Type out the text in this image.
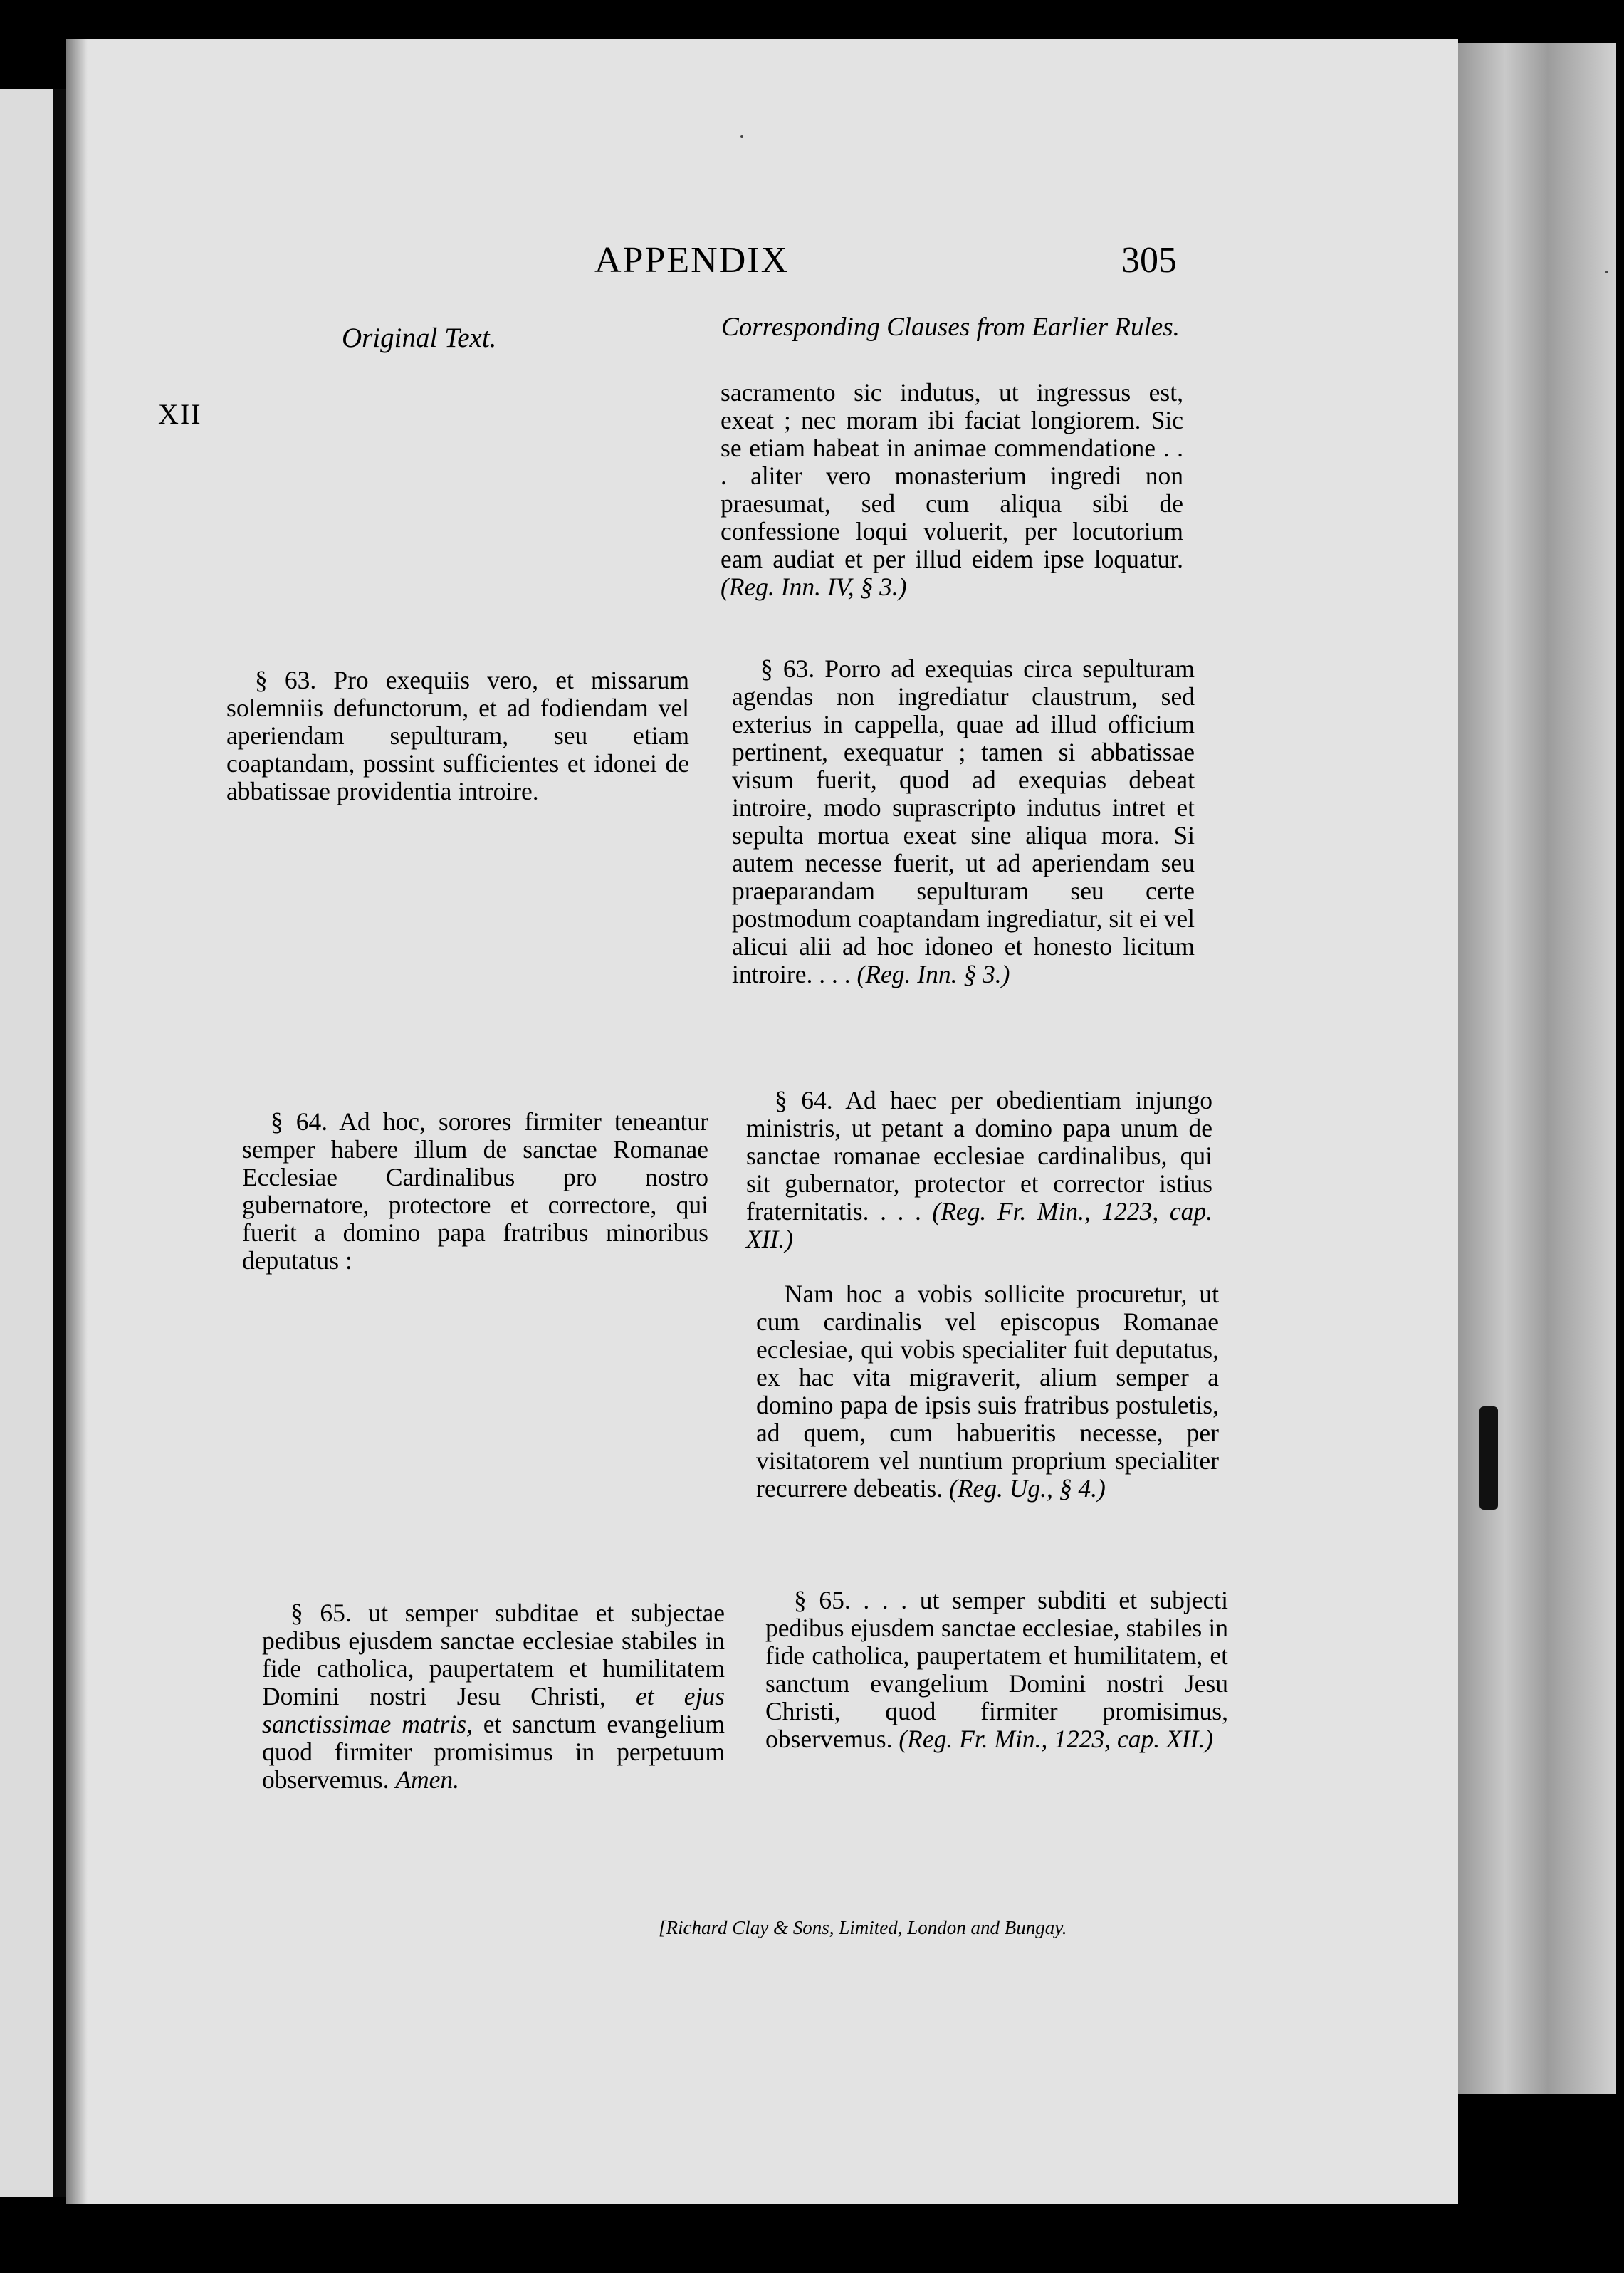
APPENDIX	305
Original Text.	Corresponding Clauses from Earlier Rules.
XII
sacramento sic indutus, ut ingressus est, exeat ; nec moram ibi faciat longiorem. Sic se etiam habeat in animae commendatione . . . aliter vero monasterium ingredi non praesumat, sed cum aliqua sibi de confessione loqui voluerit, per locutorium eam audiat et per illud eidem ipse loquatur. (Reg. Inn. IV, § 3.)
§ 63. Pro exequiis vero, et missarum solemniis defunctorum, et ad fodiendam vel aperiendam sepulturam, seu etiam coaptandam, possint sufficientes et idonei de abbatissae providentia introire.
§ 63. Porro ad exequias circa sepulturam agendas non ingrediatur claustrum, sed exterius in cappella, quae ad illud officium pertinent, exequatur ; tamen si abbatissae visum fuerit, quod ad exequias debeat introire, modo suprascripto indutus intret et sepulta mortua exeat sine aliqua mora. Si autem necesse fuerit, ut ad aperiendam seu praeparandam sepulturam seu certe postmodum coaptandam ingrediatur, sit ei vel alicui alii ad hoc idoneo et honesto licitum introire. . . . (Reg. Inn. § 3.)
§ 64. Ad hoc, sorores firmiter teneantur semper habere illum de sanctae Romanae Ecclesiae Cardinalibus pro nostro gubernatore, protectore et correctore, qui fuerit a domino papa fratribus minoribus deputatus :
§ 64. Ad haec per obedientiam injungo ministris, ut petant a domino papa unum de sanctae romanae ecclesiae cardinalibus, qui sit gubernator, protector et corrector istius fraternitatis. . . . (Reg. Fr. Min., 1223, cap. XII.)
Nam hoc a vobis sollicite procuretur, ut cum cardinalis vel episcopus Romanae ecclesiae, qui vobis specialiter fuit deputatus, ex hac vita migraverit, alium semper a domino papa de ipsis suis fratribus postuletis, ad quem, cum habueritis necesse, per visitatorem vel nuntium proprium specialiter recurrere debeatis. (Reg. Ug., § 4.)
§ 65. ut semper subditae et subjectae pedibus ejusdem sanctae ecclesiae stabiles in fide catholica, paupertatem et humilitatem Domini nostri Jesu Christi, et ejus sanctissimae matris, et sanctum evangelium quod firmiter promisimus in perpetuum observemus. Amen.
§ 65. . . . ut semper subditi et subjecti pedibus ejusdem sanctae ecclesiae, stabiles in fide catholica, paupertatem et humilitatem, et sanctum evangelium Domini nostri Jesu Christi, quod firmiter promisimus, observemus. (Reg. Fr. Min., 1223, cap. XII.)
[Richard Clay & Sons, Limited, London and Bungay.
